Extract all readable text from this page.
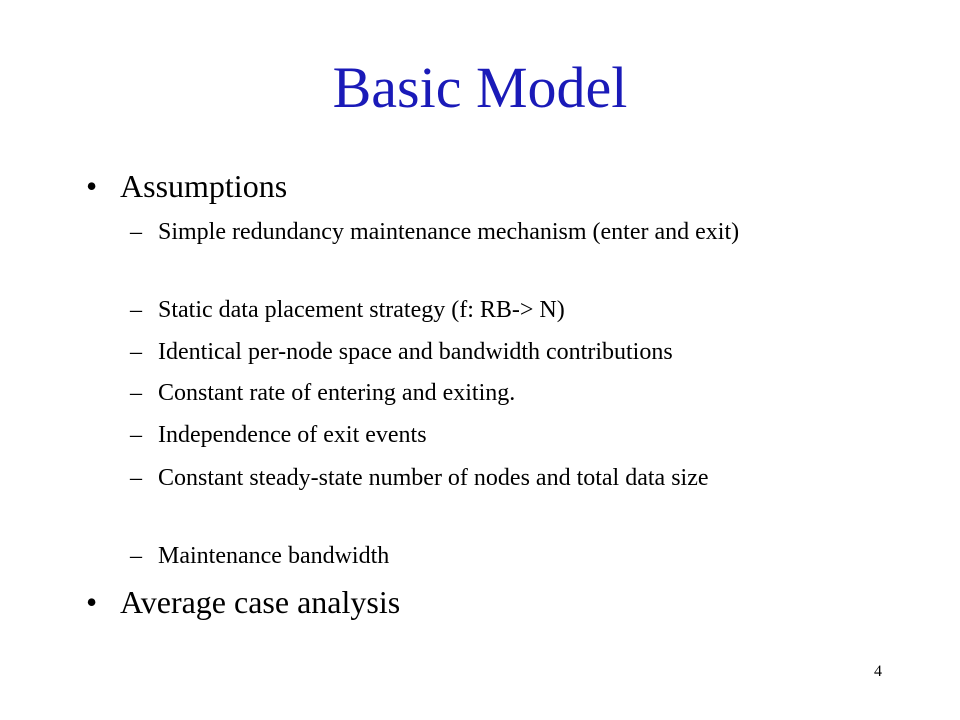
Basic Model
• Assumptions
– Simple redundancy maintenance mechanism (enter and exit)
– Static data placement strategy (f: RB-> N)
– Identical per-node space and bandwidth contributions
– Constant rate of entering and exiting.
– Independence of exit events
– Constant steady-state number of nodes and total data size
– Maintenance bandwidth
• Average case analysis
4
